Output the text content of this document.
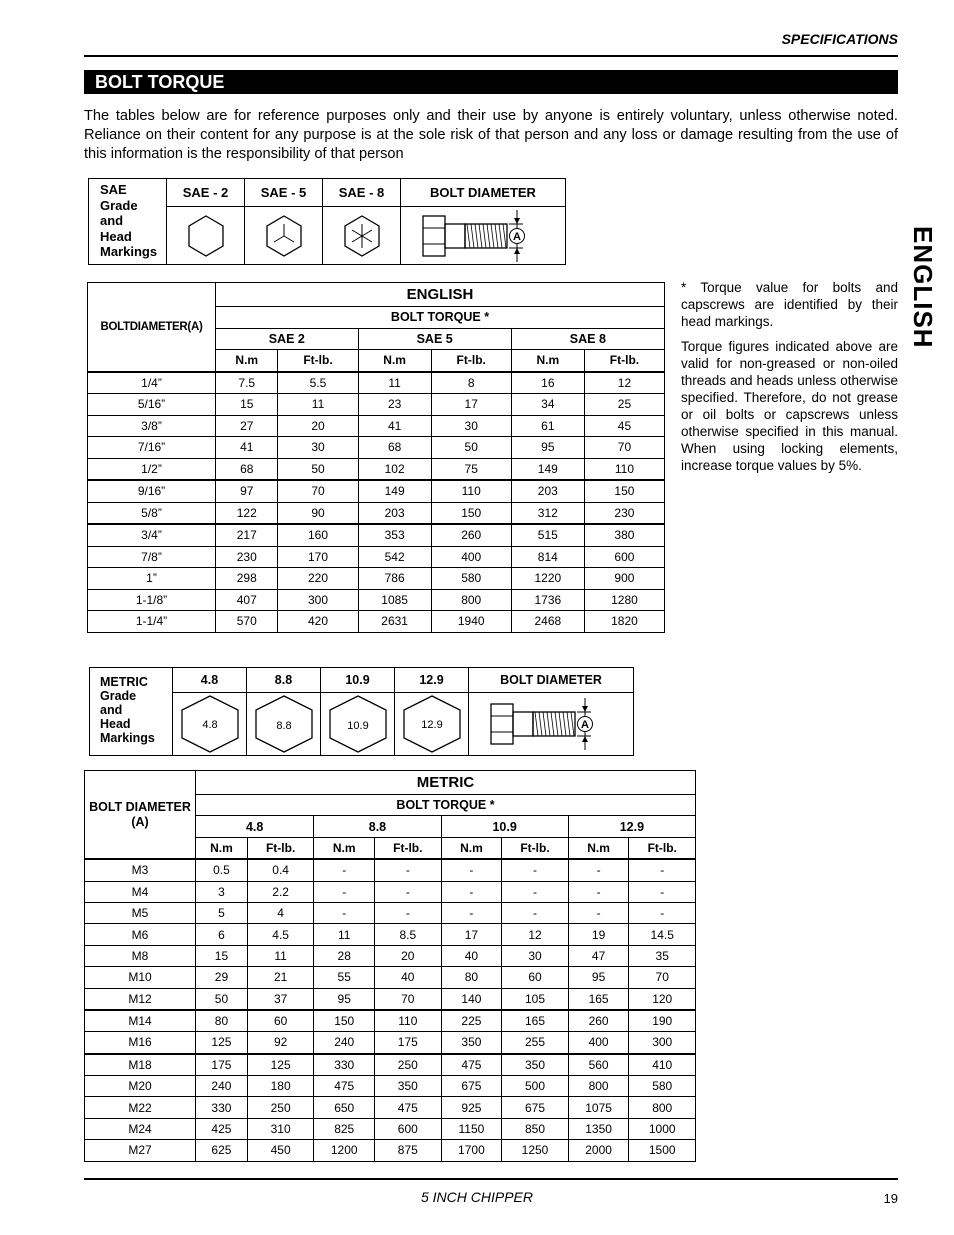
SPECIFICATIONS
BOLT TORQUE
The tables below are for reference purposes only and their use by anyone is entirely voluntary, unless otherwise noted. Reliance on their content for any purpose is at the sole risk of that person and any loss or damage resulting from the use of this information is the responsibility of that person
SAE
Grade
and
Head
Markings	SAE - 2	SAE - 5	SAE - 8	BOLT DIAMETER

A
BOLTDIAMETER(A)	ENGLISH					
	BOLT TORQUE *					
	SAE 2		SAE 5		SAE 8	
	N.m	Ft-lb.	N.m	Ft-lb.	N.m	Ft-lb.
1/4”	7.5	5.5	11	8	16	12
5/16”	15	11	23	17	34	25
3/8”	27	20	41	30	61	45
7/16”	41	30	68	50	95	70
1/2”	68	50	102	75	149	110
9/16”	97	70	149	110	203	150
5/8”	122	90	203	150	312	230
3/4”	217	160	353	260	515	380
7/8”	230	170	542	400	814	600
1”	298	220	786	580	1220	900
1-1/8”	407	300	1085	800	1736	1280
1-1/4”	570	420	2631	1940	2468	1820

* Torque value for bolts and capscrews are identified by their head markings.

Torque figures indicated above are valid for non-greased or non-oiled threads and heads unless otherwise specified. Therefore, do not grease or oil bolts or capscrews unless otherwise specified in this manual. When using locking elements, increase torque values by 5%.

ENGLISH
METRIC
Grade
and
Head
Markings	4.8	8.8	10.9	12.9	BOLT DIAMETER

4.8	8.8	10.9	12.9	A
BOLT DIAMETER (A)	METRIC							
	BOLT TORQUE *							
	4.8		8.8		10.9		12.9	
	N.m	Ft-lb.	N.m	Ft-lb.	N.m	Ft-lb.	N.m	Ft-lb.
M3	0.5	0.4	-	-	-	-	-	-
M4	3	2.2	-	-	-	-	-	-
M5	5	4	-	-	-	-	-	-
M6	6	4.5	11	8.5	17	12	19	14.5
M8	15	11	28	20	40	30	47	35
M10	29	21	55	40	80	60	95	70
M12	50	37	95	70	140	105	165	120
M14	80	60	150	110	225	165	260	190
M16	125	92	240	175	350	255	400	300
M18	175	125	330	250	475	350	560	410
M20	240	180	475	350	675	500	800	580
M22	330	250	650	475	925	675	1075	800
M24	425	310	825	600	1150	850	1350	1000
M27	625	450	1200	875	1700	1250	2000	1500
5 INCH CHIPPER	19
